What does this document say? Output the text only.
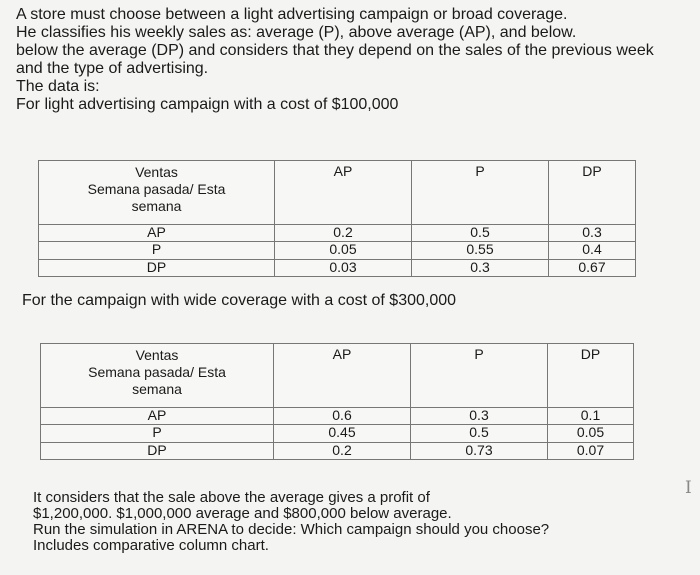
A store must choose between a light advertising campaign or broad coverage.
He classifies his weekly sales as: average (P), above average (AP), and below.
below the average (DP) and considers that they depend on the sales of the previous week
and the type of advertising.
The data is:
For light advertising campaign with a cost of $100,000
Ventas
Semana pasada/ Esta
semana	AP	P	DP
AP	0.2	0.5	0.3
P	0.05	0.55	0.4
DP	0.03	0.3	0.67
For the campaign with wide coverage with a cost of $300,000
Ventas
Semana pasada/ Esta
semana	AP	P	DP
AP	0.6	0.3	0.1
P	0.45	0.5	0.05
DP	0.2	0.73	0.07
It considers that the sale above the average gives a profit of
$1,200,000. $1,000,000 average and $800,000 below average.
Run the simulation in ARENA to decide: Which campaign should you choose?
Includes comparative column chart.
I
